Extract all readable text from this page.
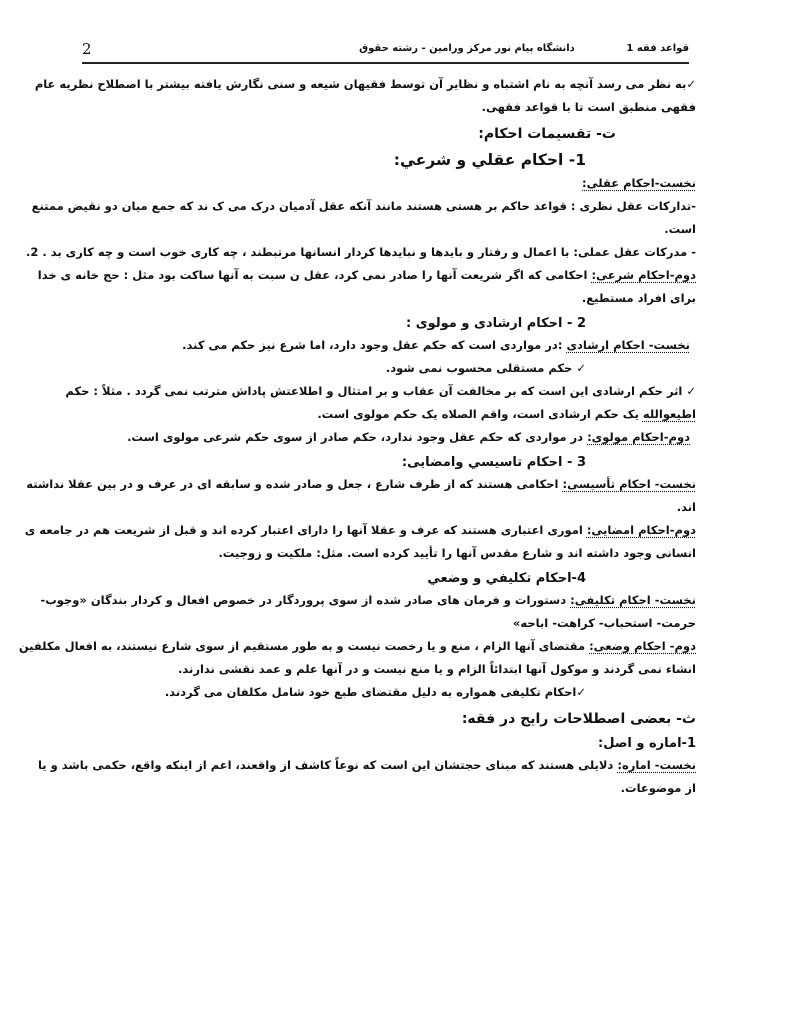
2	دانشگاه پیام نور مرکز ورامین - رشته حقوق	قواعد فقه 1
✓به نظر می رسد آنچه به نام اشتباه و نظایر آن توسط فقیهان شیعه و سنی نگارش یافته بیشتر با اصطلاح نظریه عام
فقهی منطبق است تا با قواعد فقهی.
ت- تقسیمات احکام:
1- احکام عقلي و شرعي:
نخست-احکام عقلی:
-تدارکات عقل نظری : قواعد حاکم بر هستی هستند مانند آنکه عقل آدمیان درک می ک ند که جمع میان دو نقیض ممتنع
است.
- مدرکات عقل عملی: با اعمال و رفتار و بایدها و نبایدها کردار انسانها مرتبطند ، چه کاری خوب است و چه کاری بد . 2.
دوم-احکام شرعی: احکامی که اگر شریعت آنها را صادر نمی کرد، عقل ن سبت به آنها ساکت بود مثل : حج خانه ی خدا
برای افراد مستطیع.
2 - احکام ارشادی و مولوی :
نخست- احکام ارشادی :در مواردی است که حکم عقل وجود دارد، اما شرع نیز حکم می کند.
✓ حکم مستقلی محسوب نمی شود.
✓ اثر حکم ارشادی این است که بر مخالفت آن عقاب و بر امتثال و اطلاعتش پاداش مترتب نمی گردد . مثلاً : حکم
اطیعوالله یک حکم ارشادی است، واقم الصلاه یک حکم مولوی است.
دوم-احکام مولوی: در مواردی که حکم عقل وجود ندارد، حکم صادر از سوی حکم شرعی مولوی است.
3 - احکام تاسیسي وامضایی:
نخست- احکام تأسیسی: احکامی هستند که از طرف شارع ، جعل و صادر شده و سابقه ای در عرف و در بین عقلا نداشته
اند.
دوم-احکام امضایی: اموری اعتباری هستند که عرف و عقلا آنها را دارای اعتبار کرده اند و قبل از شریعت هم در جامعه ی
انسانی وجود داشته اند و شارع مقدس آنها را تأیید کرده است. مثل: ملکیت و زوجیت.
4-احکام تکلیفي و وضعي
نخست- احکام تکلیفی: دستورات و فرمان های صادر شده از سوی پروردگار در خصوص افعال و کردار بندگان «وجوب-
حرمت- استحباب- کراهت- اباحه»
دوم- احکام وضعی: مقتضای آنها الزام ، منع و یا رخصت نیست و به طور مستقیم از سوی شارع نیستند، به افعال مکلفین
انشاء نمی گردند و موکول آنها ابتدائاً الزام و یا منع نیست و در آنها علم و عمد نقشی ندارند.
✓احکام تکلیفی همواره به دلیل مقتضای طبع خود شامل مکلفان می گردند.
ث- بعضی اصطلاحات رایج در فقه:
1-اماره و اصل:
نخست- اماره: دلایلی هستند که مبنای حجتشان این است که نوعاً کاشف از واقعند، اعم از اینکه واقع، حکمی باشد و یا
از موضوعات.
